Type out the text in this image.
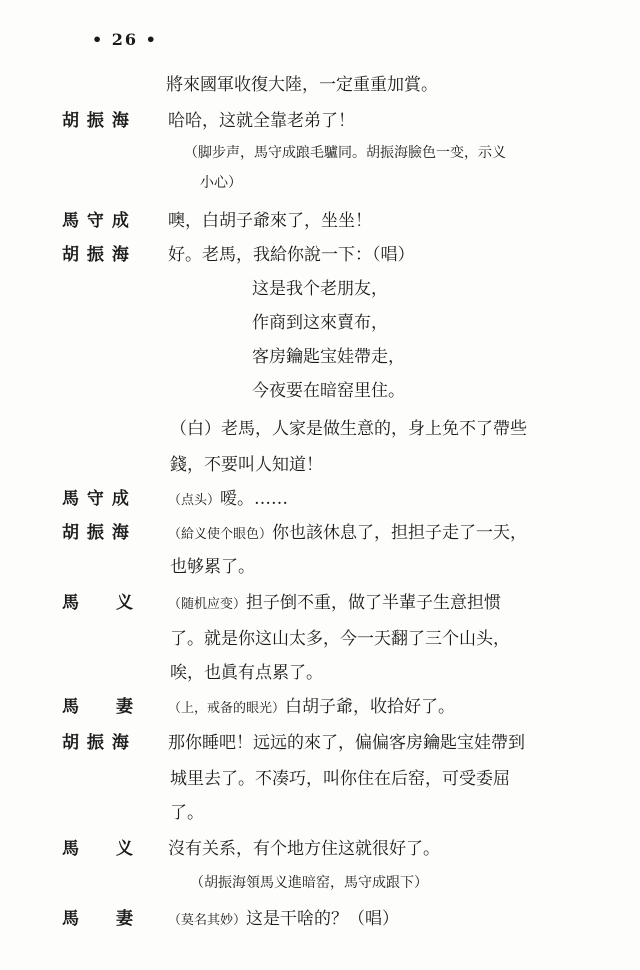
• 26 •
將來國軍收復大陸，一定重重加賞。
胡 振 海 哈哈，这就全靠老弟了！
（脚步声，馬守成踉毛驢同。胡振海臉色一变，示义
小心）
馬 守 成 噢，白胡子爺來了，坐坐！
胡 振 海 好。老馬，我給你說一下：（唱）
这是我个老朋友，
作商到这來賣布，
客房鑰匙宝娃帶走，
今夜要在暗窑里住。
（白）老馬，人家是做生意的，身上免不了帶些
錢，不要叫人知道！
馬 守 成	（点头）嗳。……
胡 振 海	（給义使个眼色）你也該休息了，担担子走了一天，
也够累了。
馬　　义	（随机应变）担子倒不重，做了半輩子生意担惯
了。就是你这山太多，今一天翻了三个山头，
唉，也眞有点累了。
馬　　妻	（上，戒备的眼光）白胡子爺，收拾好了。
胡 振 海 那你睡吧！远远的來了，偏偏客房鑰匙宝娃帶到
城里去了。不凑巧，叫你住在后窑，可受委屈
了。
馬　　义 沒有关系，有个地方住这就很好了。
（胡振海領馬义進暗窑，馬守成跟下）
馬　　妻	（莫名其妙）这是干啥的？（唱）
